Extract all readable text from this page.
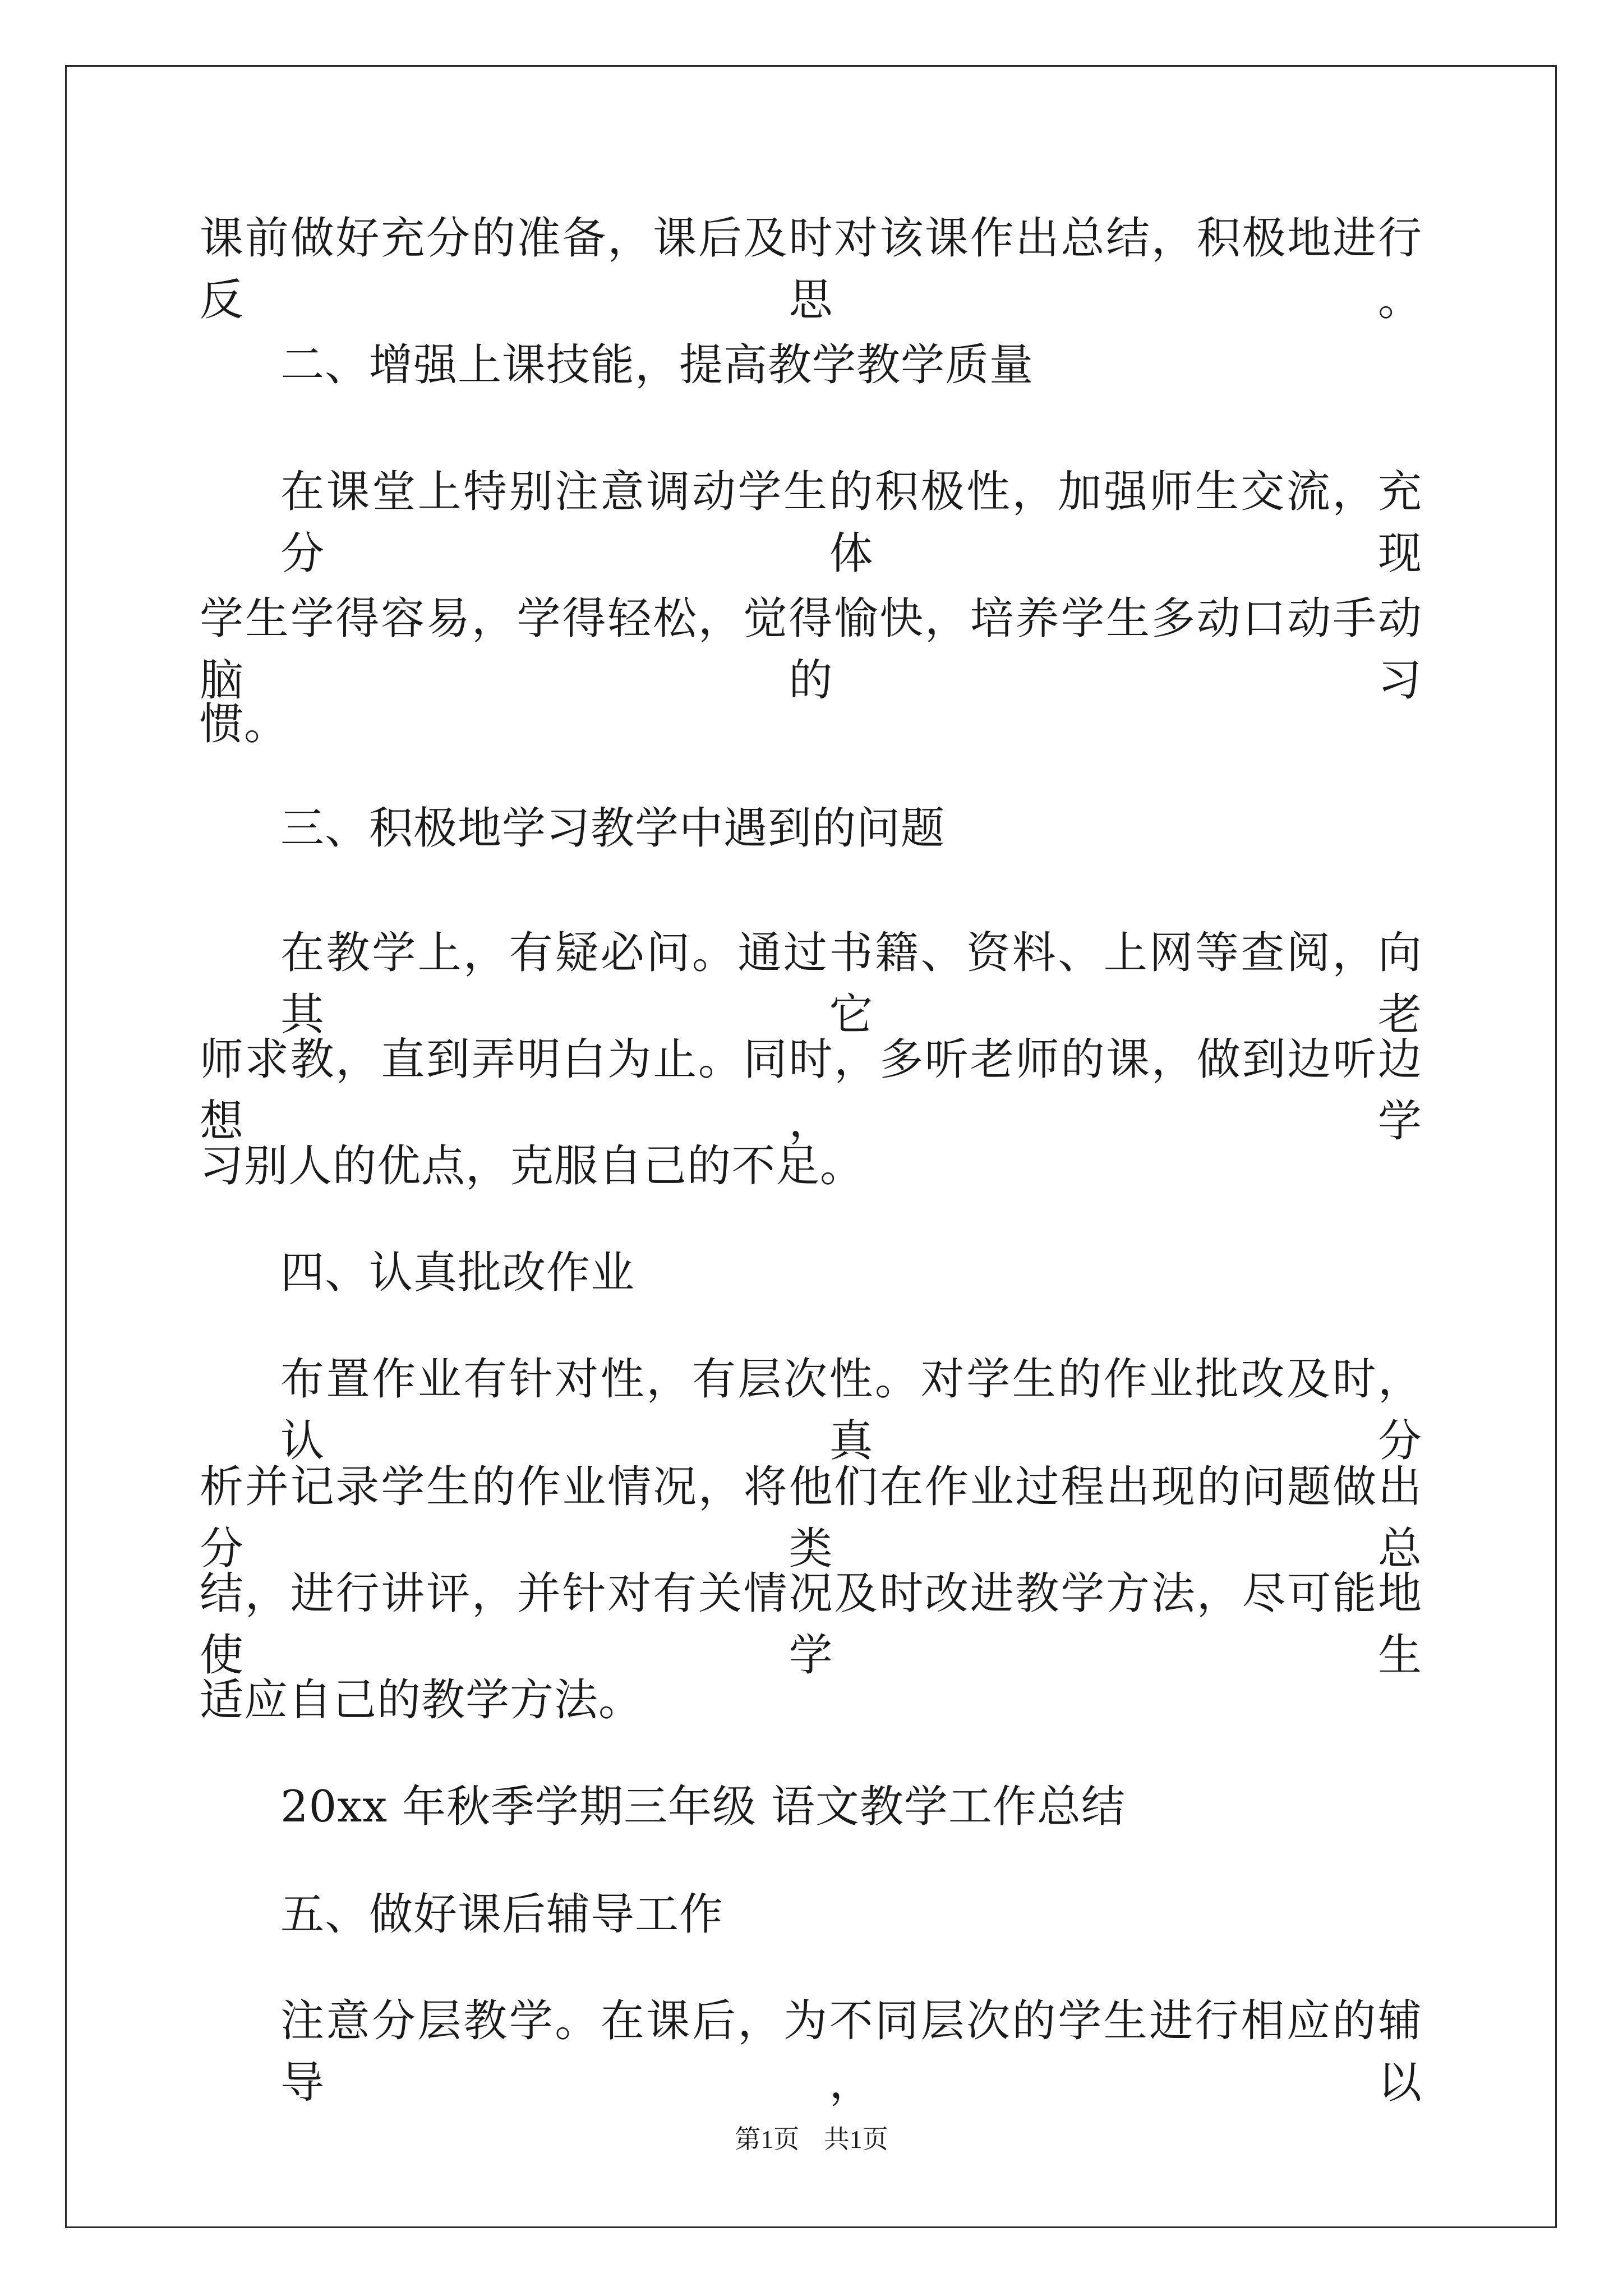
课前做好充分的准备，课后及时对该课作出总结，积极地进行反思。
二、增强上课技能，提高教学教学质量
在课堂上特别注意调动学生的积极性，加强师生交流，充分体现
学生学得容易，学得轻松，觉得愉快，培养学生多动口动手动脑的习
惯。
三、积极地学习教学中遇到的问题
在教学上，有疑必问。通过书籍、资料、上网等查阅，向其它老
师求教，直到弄明白为止。同时，多听老师的课，做到边听边想，学
习别人的优点，克服自己的不足。
四、认真批改作业
布置作业有针对性，有层次性。对学生的作业批改及时，认真分
析并记录学生的作业情况，将他们在作业过程出现的问题做出分类总
结，进行讲评，并针对有关情况及时改进教学方法，尽可能地使学生
适应自己的教学方法。
20xx 年秋季学期三年级 语文教学工作总结
五、做好课后辅导工作
注意分层教学。在课后，为不同层次的学生进行相应的辅导，以
第1页 共1页
